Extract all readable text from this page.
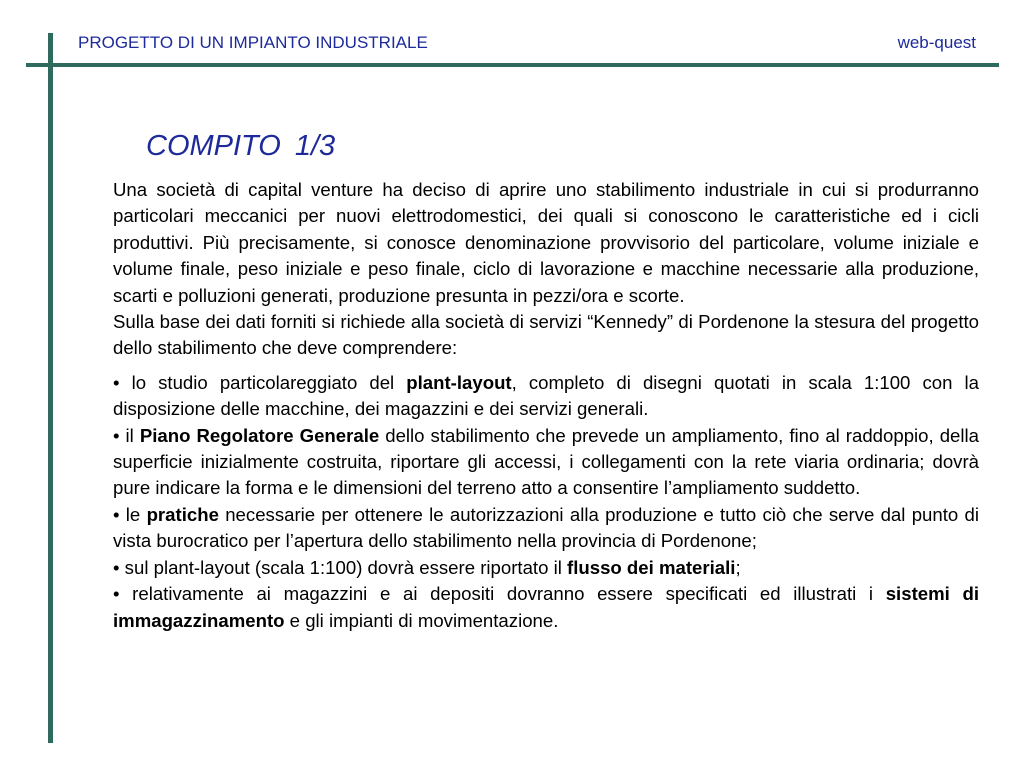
PROGETTO DI UN IMPIANTO INDUSTRIALE	web-quest
COMPITO 1/3

Una società di capital venture ha deciso di aprire uno stabilimento industriale in cui si produrranno particolari meccanici per nuovi elettrodomestici, dei quali si conoscono le caratteristiche ed i cicli produttivi. Più precisamente, si conosce denominazione provvisorio del particolare, volume iniziale e volume finale, peso iniziale e peso finale, ciclo di lavorazione e macchine necessarie alla produzione, scarti e polluzioni generati, produzione presunta in pezzi/ora e scorte.

Sulla base dei dati forniti si richiede alla società di servizi “Kennedy” di Pordenone la stesura del progetto dello stabilimento che deve comprendere:

• lo studio particolareggiato del plant-layout, completo di disegni quotati in scala 1:100 con la disposizione delle macchine, dei magazzini e dei servizi generali.

• il Piano Regolatore Generale dello stabilimento che prevede un ampliamento, fino al raddoppio, della superficie inizialmente costruita, riportare gli accessi, i collegamenti con la rete viaria ordinaria; dovrà pure indicare la forma e le dimensioni del terreno atto a consentire l’ampliamento suddetto.

• le pratiche necessarie per ottenere le autorizzazioni alla produzione e tutto ciò che serve dal punto di vista burocratico per l’apertura dello stabilimento nella provincia di Pordenone;

• sul plant-layout (scala 1:100) dovrà essere riportato il flusso dei materiali;

• relativamente ai magazzini e ai depositi dovranno essere specificati ed illustrati i sistemi di immagazzinamento e gli impianti di movimentazione.
